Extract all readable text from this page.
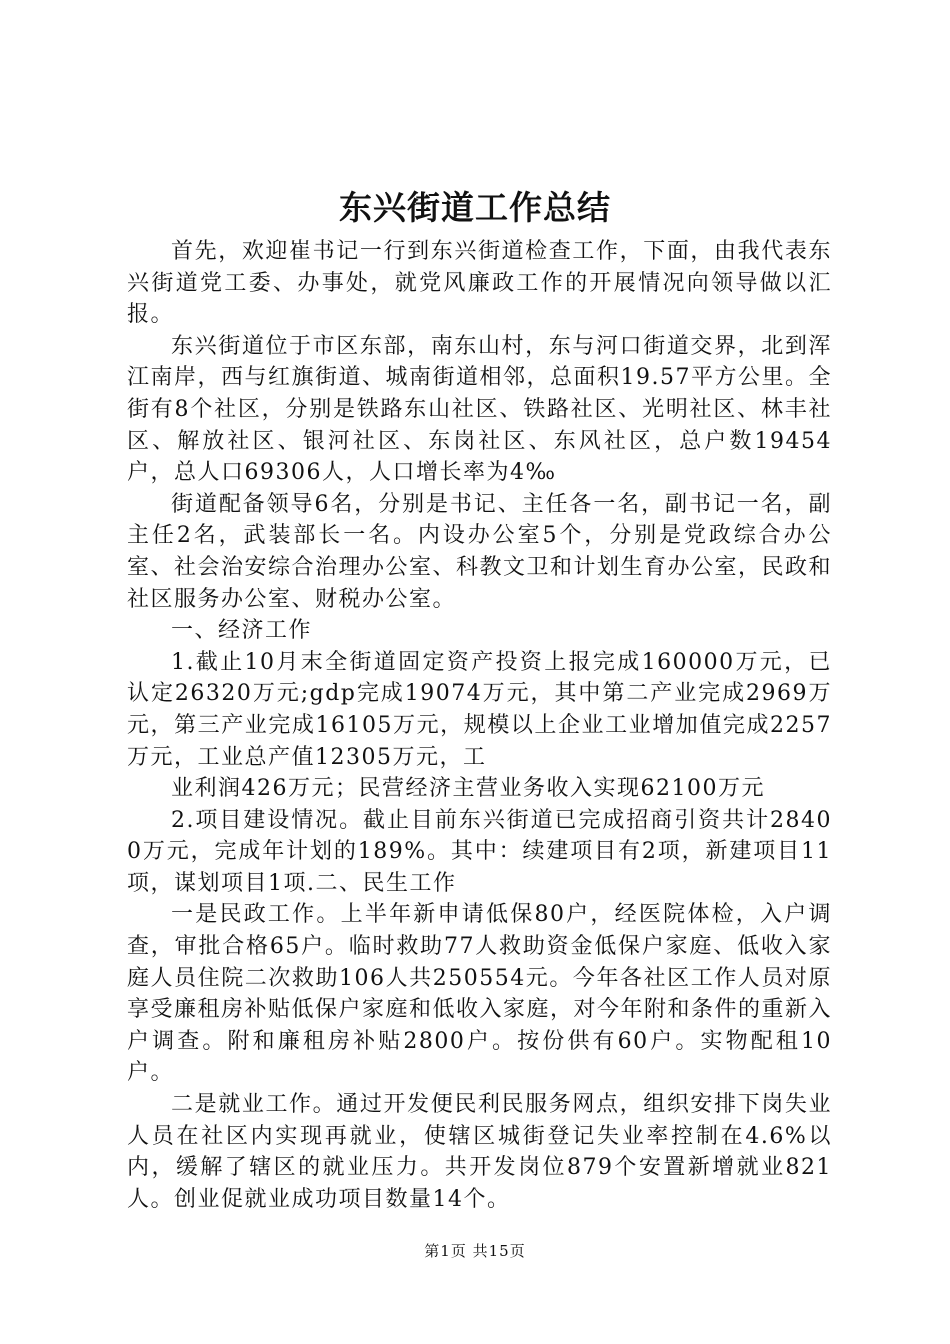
东兴街道工作总结

首先，欢迎崔书记一行到东兴街道检查工作，下面，由我代表东兴街道党工委、办事处，就党风廉政工作的开展情况向领导做以汇报。

东兴街道位于市区东部，南东山村，东与河口街道交界，北到浑江南岸，西与红旗街道、城南街道相邻，总面积19.57平方公里。全街有8个社区，分别是铁路东山社区、铁路社区、光明社区、林丰社区、解放社区、银河社区、东岗社区、东风社区，总户数19454户，总人口69306人，人口增长率为4‰

街道配备领导6名，分别是书记、主任各一名，副书记一名，副主任2名，武装部长一名。内设办公室5个，分别是党政综合办公室、社会治安综合治理办公室、科教文卫和计划生育办公室，民政和社区服务办公室、财税办公室。

一、经济工作

1.截止10月末全街道固定资产投资上报完成160000万元，已认定26320万元;gdp完成19074万元，其中第二产业完成2969万元，第三产业完成16105万元，规模以上企业工业增加值完成2257万元，工业总产值12305万元，工

业利润426万元；民营经济主营业务收入实现62100万元

2.项目建设情况。截止目前东兴街道已完成招商引资共计28400万元，完成年计划的189%。其中：续建项目有2项，新建项目11项，谋划项目1项.二、民生工作

一是民政工作。上半年新申请低保80户，经医院体检，入户调查，审批合格65户。临时救助77人救助资金低保户家庭、低收入家庭人员住院二次救助106人共250554元。今年各社区工作人员对原享受廉租房补贴低保户家庭和低收入家庭，对今年附和条件的重新入户调查。附和廉租房补贴2800户。按份供有60户。实物配租10户。

二是就业工作。通过开发便民利民服务网点，组织安排下岗失业人员在社区内实现再就业，使辖区城街登记失业率控制在4.6%以内，缓解了辖区的就业压力。共开发岗位879个安置新增就业821人。创业促就业成功项目数量14个。

第1页 共15页
